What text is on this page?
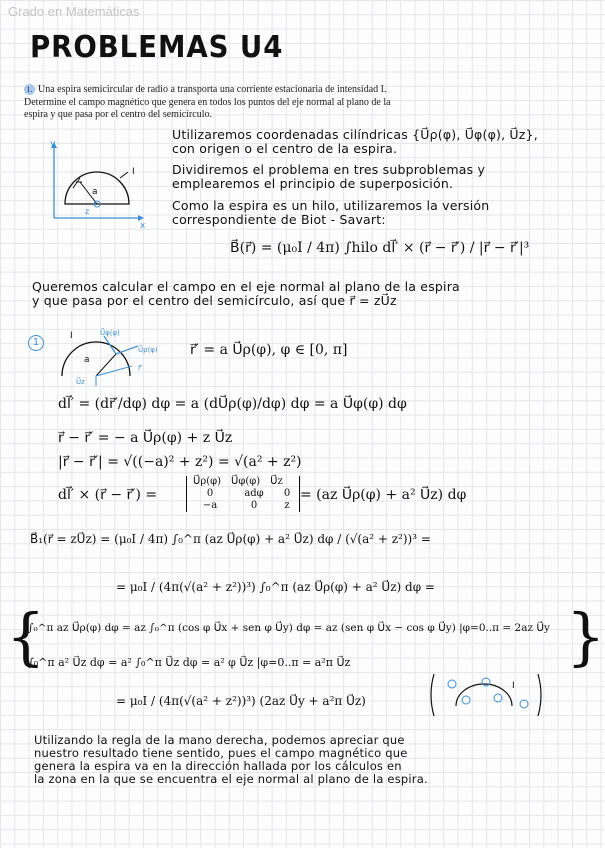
Grado en Matemáticas
PROBLEMAS U4
1. Una espira semicircular de radio a transporta una corriente estacionaria de intensidad I. Determine el campo magnético que genera en todos los puntos del eje normal al plano de la espira y que pasa por el centro del semicírculo.
y
x
I
a
z
Utilizaremos coordenadas cilíndricas {U⃗ρ(φ), U⃗φ(φ), U⃗z},
con origen o el centro de la espira.
Dividiremos el problema en tres subproblemas y
emplearemos el principio de superposición.
Como la espira es un hilo, utilizaremos la versión
correspondiente de Biot - Savart:
B⃗(r⃗) = (μ₀I / 4π) ∫hilo dl⃗′ × (r⃗ − r⃗′) / |r⃗ − r⃗′|³
Queremos calcular el campo en el eje normal al plano de la espira
y que pasa por el centro del semicírculo, así que r⃗ = zU⃗z
1
I
a
U⃗φ(φ)
U⃗ρ(φ)
r⃗′
U⃗z
r⃗′ = a U⃗ρ(φ), φ ∈ [0, π]
dl⃗′ = (dr⃗′/dφ) dφ = a (dU⃗ρ(φ)/dφ) dφ = a U⃗φ(φ) dφ
r⃗ − r⃗′ = − a U⃗ρ(φ) + z U⃗z
|r⃗ − r⃗′| = √((−a)² + z²) = √(a² + z²)
dl⃗′ × (r⃗ − r⃗′) =
U⃗ρ(φ) U⃗φ(φ) U⃗z
0	adφ	0
−a	0	z
= (az U⃗ρ(φ) + a² U⃗z) dφ
B⃗₁(r⃗ = zU⃗z) = (μ₀I / 4π) ∫₀^π (az U⃗ρ(φ) + a² U⃗z) dφ / (√(a² + z²))³ =
= μ₀I / (4π(√(a² + z²))³) ∫₀^π (az U⃗ρ(φ) + a² U⃗z) dφ =
{	}
∫₀^π az U⃗ρ(φ) dφ = az ∫₀^π (cos φ U⃗x + sen φ U⃗y) dφ = az (sen φ U⃗x − cos φ U⃗y) |φ=0..π = 2az U⃗y
∫₀^π a² U⃗z dφ = a² ∫₀^π U⃗z dφ = a² φ U⃗z |φ=0..π = a²π U⃗z
= μ₀I / (4π(√(a² + z²))³) (2az U⃗y + a²π U⃗z)
I
Utilizando la regla de la mano derecha, podemos apreciar que
nuestro resultado tiene sentido, pues el campo magnético que
genera la espira va en la dirección hallada por los cálculos en
la zona en la que se encuentra el eje normal al plano de la espira.
